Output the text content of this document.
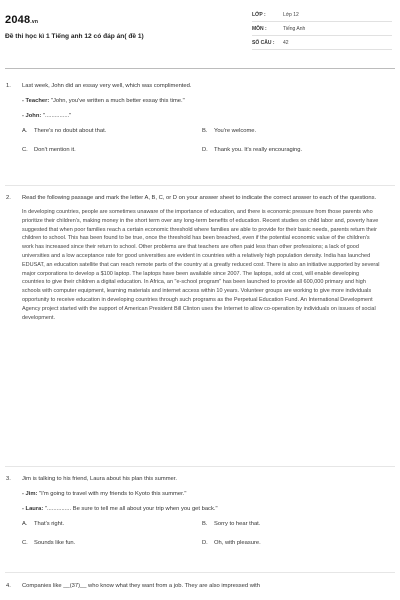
2048.vn
Đề thi học kì 1 Tiếng anh 12 có đáp án( đề 1)
LỚP :	Lớp 12
MÔN :	Tiếng Anh
SỐ CÂU :	42
1. Last week, John did an essay very well, which was complimented.
- Teacher: "John, you've written a much better essay this time."
- John: "..............."
A. There's no doubt about that.	B. You're welcome.
C. Don't mention it.	D. Thank you. It's really encouraging.
2. Read the following passage and mark the letter A, B, C, or D on your answer sheet to indicate the correct answer to each of the questions.
In developing countries, people are sometimes unaware of the importance of education, and there is economic pressure from those parents who prioritize their children's, making money in the short term over any long-term benefits of education. Recent studies on child labor and, poverty have suggested that when poor families reach a certain economic threshold where families are able to provide for their basic needs, parents return their children to school. This has been found to be true, once the threshold has been breached, even if the potential economic value of the children's work has increased since their return to school. Other problems are that teachers are often paid less than other professions; a lack of good universities and a low acceptance rate for good universities are evident in countries with a relatively high population density. India has launched EDUSAT, an education satellite that can reach remote parts of the country at a greatly reduced cost. There is also an initiative supported by several major corporations to develop a $100 laptop. The laptops have been available since 2007. The laptops, sold at cost, will enable developing countries to give their children a digital education. In Africa, an "e-school program" has been launched to provide all 600,000 primary and high schools with computer equipment, learning materials and internet access within 10 years. Volunteer groups are working to give more individuals opportunity to receive education in developing countries through such programs as the Perpetual Education Fund. An International Development Agency project started with the support of American President Bill Clinton uses the Internet to allow co-operation by individuals on issues of social development.
3. Jim is talking to his friend, Laura about his plan this summer.
- Jim: "I'm going to travel with my friends to Kyoto this summer."
- Laura: "............... Be sure to tell me all about your trip when you get back."
A. That's right.	B. Sorry to hear that.
C. Sounds like fun.	D. Oh, with pleasure.
4. Companies like __(37)__ who know what they want from a job. They are also impressed with
